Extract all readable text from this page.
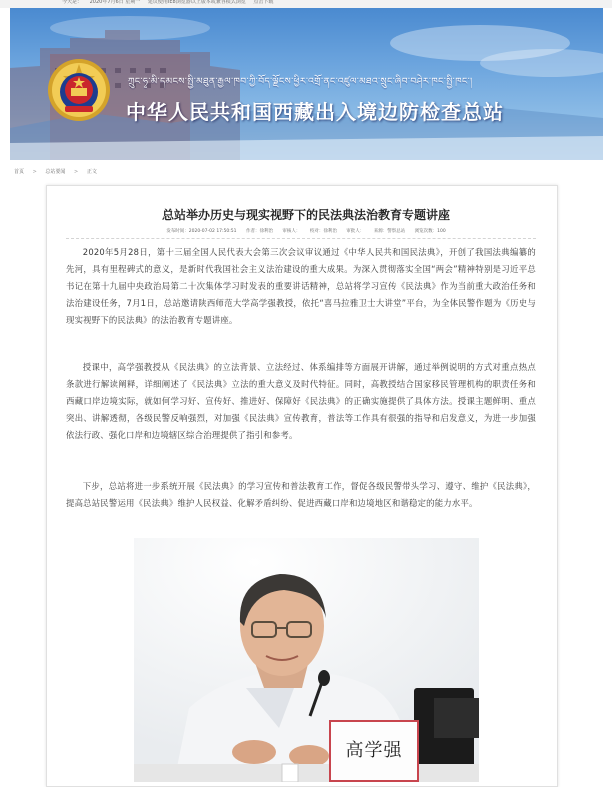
今天是： 2020年7月6日 星期一 建议使用IE8浏览器以上版本或兼容模式浏览 点击下载
ཀྲུང་ཧྭ་མི་དམངས་སྤྱི་མཐུན་རྒྱལ་ཁབ་ཀྱི་བོད་ལྗོངས་ཕྱིར་འགྲོ་ནང་འཛུལ་མཐའ་སྲུང་ཞིབ་བཤེར་ཁང་སྤྱི་ཁང་།
中华人民共和国西藏出入境边防检查总站
首页 > 总站要闻 > 正文
总站举办历史与现实视野下的民法典法治教育专题讲座
发布时间：2020-07-02 17:50:51 作者：徐利治 审核人： 校对：徐利治 审批人： 来源：警察总站 浏览次数：100

2020年5月28日，第十三届全国人民代表大会第三次会议审议通过《中华人民共和国民法典》，开创了我国法典编纂的先河，具有里程碑式的意义，是新时代我国社会主义法治建设的重大成果。为深入贯彻落实全国“两会”精神特别是习近平总书记在第十九届中央政治局第二十次集体学习时发表的重要讲话精神，总站将学习宣传《民法典》作为当前重大政治任务和法治建设任务，7月1日，总站邀请陕西师范大学高学强教授，依托“喜马拉雅卫士大讲堂”平台，为全体民警作题为《历史与现实视野下的民法典》的法治教育专题讲座。

授课中，高学强教授从《民法典》的立法背景、立法经过、体系编排等方面展开讲解，通过举例说明的方式对重点热点条款进行解读阐释，详细阐述了《民法典》立法的重大意义及时代特征。同时，高教授结合国家移民管理机构的职责任务和西藏口岸边境实际，就如何学习好、宣传好、推进好、保障好《民法典》的正确实施提供了具体方法。授课主题鲜明、重点突出、讲解透彻，各级民警反响强烈，对加强《民法典》宣传教育，普法等工作具有很强的指导和启发意义，为进一步加强依法行政、强化口岸和边境辖区综合治理提供了指引和参考。

下步，总站将进一步系统开展《民法典》的学习宣传和普法教育工作，督促各级民警带头学习、遵守、维护《民法典》，提高总站民警运用《民法典》维护人民权益、化解矛盾纠纷、促进西藏口岸和边境地区和谐稳定的能力水平。

高学强
